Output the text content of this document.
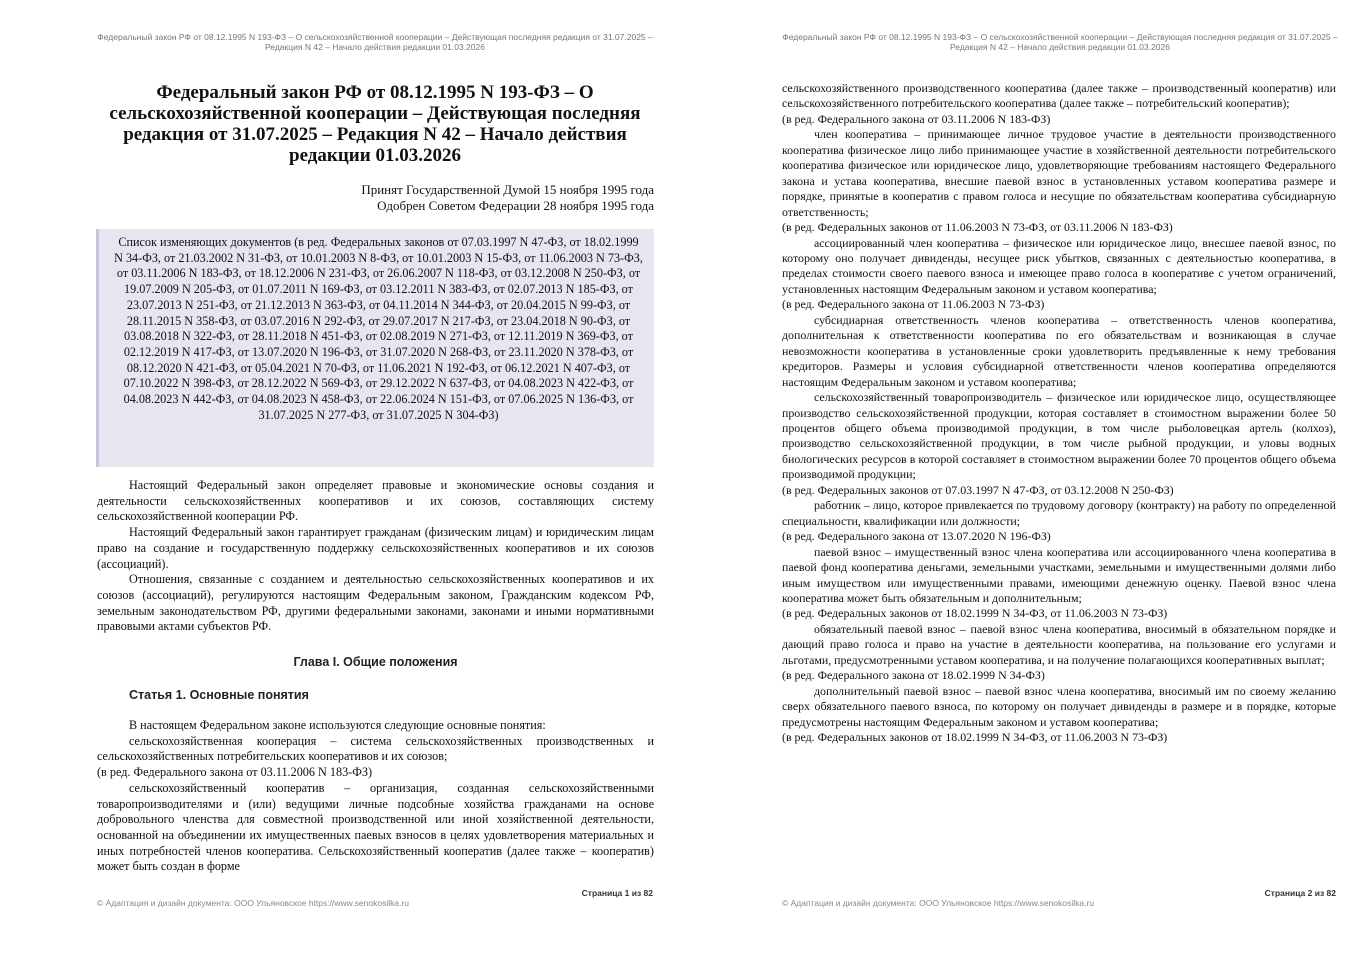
Федеральный закон РФ от 08.12.1995 N 193-ФЗ – О сельскохозяйственной кооперации – Действующая последняя редакция от 31.07.2025 – Редакция N 42 – Начало действия редакции 01.03.2026
Федеральный закон РФ от 08.12.1995 N 193-ФЗ – О сельскохозяйственной кооперации – Действующая последняя редакция от 31.07.2025 – Редакция N 42 – Начало действия редакции 01.03.2026
Принят Государственной Думой 15 ноября 1995 года
Одобрен Советом Федерации 28 ноября 1995 года
Список изменяющих документов (в ред. Федеральных законов от 07.03.1997 N 47-ФЗ, от 18.02.1999 N 34-ФЗ, от 21.03.2002 N 31-ФЗ, от 10.01.2003 N 8-ФЗ, от 10.01.2003 N 15-ФЗ, от 11.06.2003 N 73-ФЗ, от 03.11.2006 N 183-ФЗ, от 18.12.2006 N 231-ФЗ, от 26.06.2007 N 118-ФЗ, от 03.12.2008 N 250-ФЗ, от 19.07.2009 N 205-ФЗ, от 01.07.2011 N 169-ФЗ, от 03.12.2011 N 383-ФЗ, от 02.07.2013 N 185-ФЗ, от 23.07.2013 N 251-ФЗ, от 21.12.2013 N 363-ФЗ, от 04.11.2014 N 344-ФЗ, от 20.04.2015 N 99-ФЗ, от 28.11.2015 N 358-ФЗ, от 03.07.2016 N 292-ФЗ, от 29.07.2017 N 217-ФЗ, от 23.04.2018 N 90-ФЗ, от 03.08.2018 N 322-ФЗ, от 28.11.2018 N 451-ФЗ, от 02.08.2019 N 271-ФЗ, от 12.11.2019 N 369-ФЗ, от 02.12.2019 N 417-ФЗ, от 13.07.2020 N 196-ФЗ, от 31.07.2020 N 268-ФЗ, от 23.11.2020 N 378-ФЗ, от 08.12.2020 N 421-ФЗ, от 05.04.2021 N 70-ФЗ, от 11.06.2021 N 192-ФЗ, от 06.12.2021 N 407-ФЗ, от 07.10.2022 N 398-ФЗ, от 28.12.2022 N 569-ФЗ, от 29.12.2022 N 637-ФЗ, от 04.08.2023 N 422-ФЗ, от 04.08.2023 N 442-ФЗ, от 04.08.2023 N 458-ФЗ, от 22.06.2024 N 151-ФЗ, от 07.06.2025 N 136-ФЗ, от 31.07.2025 N 277-ФЗ, от 31.07.2025 N 304-ФЗ)

Настоящий Федеральный закон определяет правовые и экономические основы создания и деятельности сельскохозяйственных кооперативов и их союзов, составляющих систему сельскохозяйственной кооперации РФ.

Настоящий Федеральный закон гарантирует гражданам (физическим лицам) и юридическим лицам право на создание и государственную поддержку сельскохозяйственных кооперативов и их союзов (ассоциаций).

Отношения, связанные с созданием и деятельностью сельскохозяйственных кооперативов и их союзов (ассоциаций), регулируются настоящим Федеральным законом, Гражданским кодексом РФ, земельным законодательством РФ, другими федеральными законами, законами и иными нормативными правовыми актами субъектов РФ.

Глава I. Общие положения
Статья 1. Основные понятия

В настоящем Федеральном законе используются следующие основные понятия:

сельскохозяйственная кооперация – система сельскохозяйственных производственных и сельскохозяйственных потребительских кооперативов и их союзов;

(в ред. Федерального закона от 03.11.2006 N 183-ФЗ)

сельскохозяйственный кооператив – организация, созданная сельскохозяйственными товаропроизводителями и (или) ведущими личные подсобные хозяйства гражданами на основе добровольного членства для совместной производственной или иной хозяйственной деятельности, основанной на объединении их имущественных паевых взносов в целях удовлетворения материальных и иных потребностей членов кооператива. Сельскохозяйственный кооператив (далее также – кооператив) может быть создан в форме

Страница 1 из 82
© Адаптация и дизайн документа: ООО Ульяновское https://www.senokosilka.ru
Федеральный закон РФ от 08.12.1995 N 193-ФЗ – О сельскохозяйственной кооперации – Действующая последняя редакция от 31.07.2025 – Редакция N 42 – Начало действия редакции 01.03.2026

сельскохозяйственного производственного кооператива (далее также – производственный кооператив) или сельскохозяйственного потребительского кооператива (далее также – потребительский кооператив);

(в ред. Федерального закона от 03.11.2006 N 183-ФЗ)

член кооператива – принимающее личное трудовое участие в деятельности производственного кооператива физическое лицо либо принимающее участие в хозяйственной деятельности потребительского кооператива физическое или юридическое лицо, удовлетворяющие требованиям настоящего Федерального закона и устава кооператива, внесшие паевой взнос в установленных уставом кооператива размере и порядке, принятые в кооператив с правом голоса и несущие по обязательствам кооператива субсидиарную ответственность;

(в ред. Федеральных законов от 11.06.2003 N 73-ФЗ, от 03.11.2006 N 183-ФЗ)

ассоциированный член кооператива – физическое или юридическое лицо, внесшее паевой взнос, по которому оно получает дивиденды, несущее риск убытков, связанных с деятельностью кооператива, в пределах стоимости своего паевого взноса и имеющее право голоса в кооперативе с учетом ограничений, установленных настоящим Федеральным законом и уставом кооператива;

(в ред. Федерального закона от 11.06.2003 N 73-ФЗ)

субсидиарная ответственность членов кооператива – ответственность членов кооператива, дополнительная к ответственности кооператива по его обязательствам и возникающая в случае невозможности кооператива в установленные сроки удовлетворить предъявленные к нему требования кредиторов. Размеры и условия субсидиарной ответственности членов кооператива определяются настоящим Федеральным законом и уставом кооператива;

сельскохозяйственный товаропроизводитель – физическое или юридическое лицо, осуществляющее производство сельскохозяйственной продукции, которая составляет в стоимостном выражении более 50 процентов общего объема производимой продукции, в том числе рыболовецкая артель (колхоз), производство сельскохозяйственной продукции, в том числе рыбной продукции, и уловы водных биологических ресурсов в которой составляет в стоимостном выражении более 70 процентов общего объема производимой продукции;

(в ред. Федеральных законов от 07.03.1997 N 47-ФЗ, от 03.12.2008 N 250-ФЗ)

работник – лицо, которое привлекается по трудовому договору (контракту) на работу по определенной специальности, квалификации или должности;

(в ред. Федерального закона от 13.07.2020 N 196-ФЗ)

паевой взнос – имущественный взнос члена кооператива или ассоциированного члена кооператива в паевой фонд кооператива деньгами, земельными участками, земельными и имущественными долями либо иным имуществом или имущественными правами, имеющими денежную оценку. Паевой взнос члена кооператива может быть обязательным и дополнительным;

(в ред. Федеральных законов от 18.02.1999 N 34-ФЗ, от 11.06.2003 N 73-ФЗ)

обязательный паевой взнос – паевой взнос члена кооператива, вносимый в обязательном порядке и дающий право голоса и право на участие в деятельности кооператива, на пользование его услугами и льготами, предусмотренными уставом кооператива, и на получение полагающихся кооперативных выплат;

(в ред. Федерального закона от 18.02.1999 N 34-ФЗ)

дополнительный паевой взнос – паевой взнос члена кооператива, вносимый им по своему желанию сверх обязательного паевого взноса, по которому он получает дивиденды в размере и в порядке, которые предусмотрены настоящим Федеральным законом и уставом кооператива;

(в ред. Федеральных законов от 18.02.1999 N 34-ФЗ, от 11.06.2003 N 73-ФЗ)

Страница 2 из 82
© Адаптация и дизайн документа: ООО Ульяновское https://www.senokosilka.ru
